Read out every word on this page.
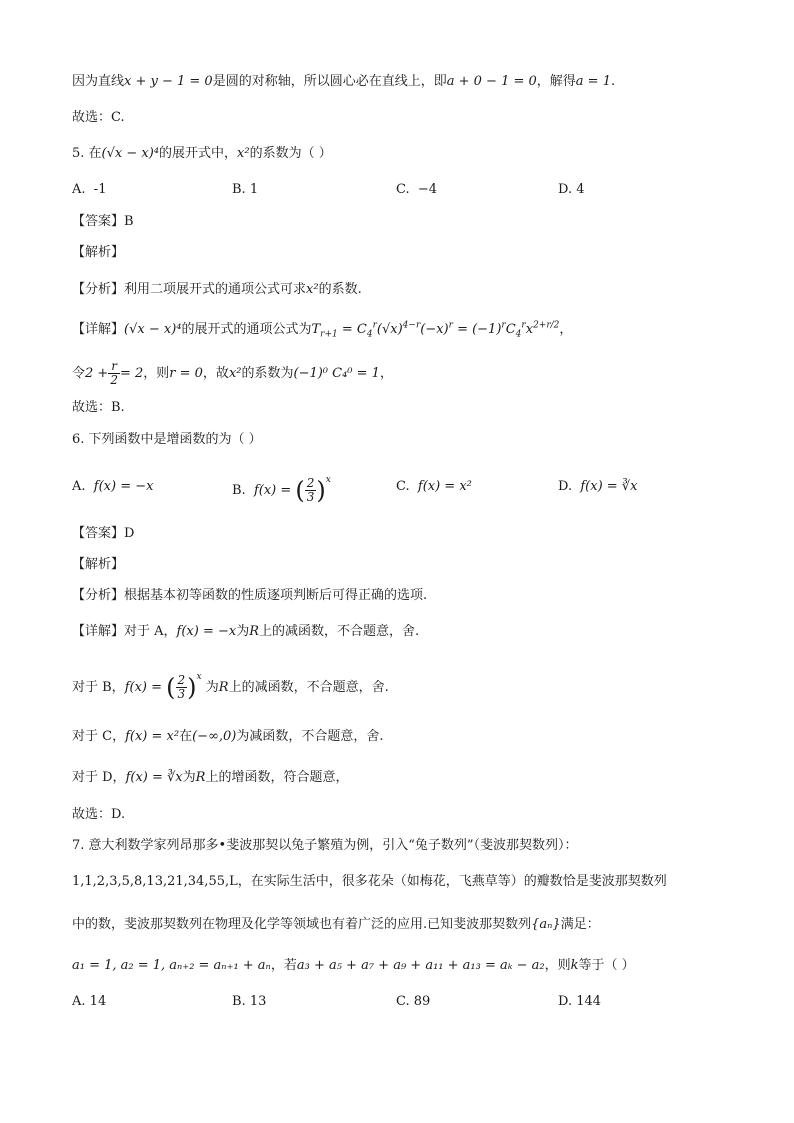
因为直线x + y − 1 = 0是圆的对称轴，所以圆心必在直线上，即a + 0 − 1 = 0，解得a = 1.
故选：C.
5. 在(√x − x)⁴的展开式中，x²的系数为（ ）
A. -1	B. 1	C. −4	D. 4
【答案】B
【解析】
【分析】利用二项展开式的通项公式可求x²的系数.
【详解】(√x − x)⁴的展开式的通项公式为$T_{r+1} = C_4^r(√x)^{4-r}(-x)^r = (-1)^rC_4^rx^{2+r/2}$，
令$2 + \frac{r}{2} = 2$，则r = 0，故x²的系数为(−1)⁰ C₄⁰ = 1，
故选：B.
6. 下列函数中是增函数的为（ ）
A. f(x) = −x	B. f(x) = ( $\frac{2}{3} )^x$	C. f(x) = x²	D. f(x) = ∛x
【答案】D
【解析】
【分析】根据基本初等函数的性质逐项判断后可得正确的选项.
【详解】对于 A，f(x) = −x为R上的减函数，不合题意，舍.
对于 B，f(x) = ( $\frac{2}{3} )^x$ 为R上的减函数，不合题意，舍.
对于 C，f(x) = x²在(−∞,0)为减函数，不合题意，舍.
对于 D，f(x) = ∛x为R上的增函数，符合题意，
故选：D.
7. 意大利数学家列昂那多•斐波那契以兔子繁殖为例，引入“兔子数列”（斐波那契数列）：
1,1,2,3,5,8,13,21,34,55,L，在实际生活中，很多花朵（如梅花，飞燕草等）的瓣数恰是斐波那契数列
中的数，斐波那契数列在物理及化学等领域也有着广泛的应用.已知斐波那契数列{aₙ}满足：
a₁ = 1, a₂ = 1, aₙ₊₂ = aₙ₊₁ + aₙ，若a₃ + a₅ + a₇ + a₉ + a₁₁ + a₁₃ = aₖ − a₂，则k等于（ ）
A. 14	B. 13	C. 89	D. 144
